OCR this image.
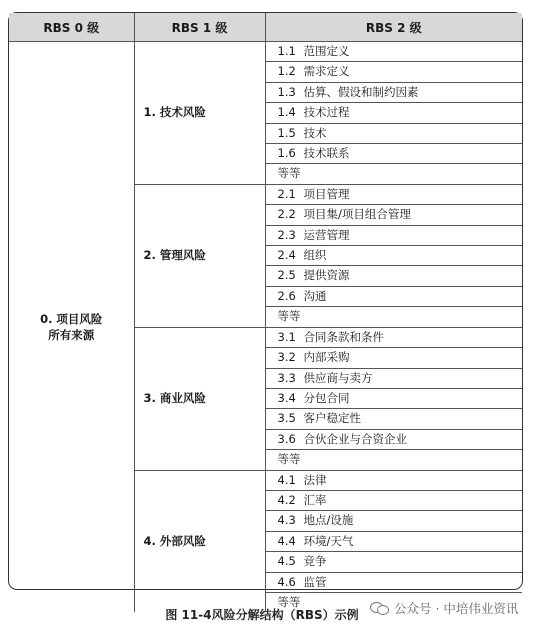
RBS 0 级	RBS 1 级	RBS 2 级

0. 项目风险
所有来源	1. 技术风险	1.1 范围定义
		1.2 需求定义
		1.3 估算、假设和制约因素
		1.4 技术过程
		1.5 技术
		1.6 技术联系
		等等
	2. 管理风险	2.1 项目管理
		2.2 项目集/项目组合管理
		2.3 运营管理
		2.4 组织
		2.5 提供资源
		2.6 沟通
		等等
	3. 商业风险	3.1 合同条款和条件
		3.2 内部采购
		3.3 供应商与卖方
		3.4 分包合同
		3.5 客户稳定性
		3.6 合伙企业与合资企业
		等等
	4. 外部风险	4.1 法律
		4.2 汇率
		4.3 地点/设施
		4.4 环境/天气
		4.5 竞争
		4.6 监管
		等等
图 11-4风险分解结构（RBS）示例	公众号 · 中培伟业资讯
